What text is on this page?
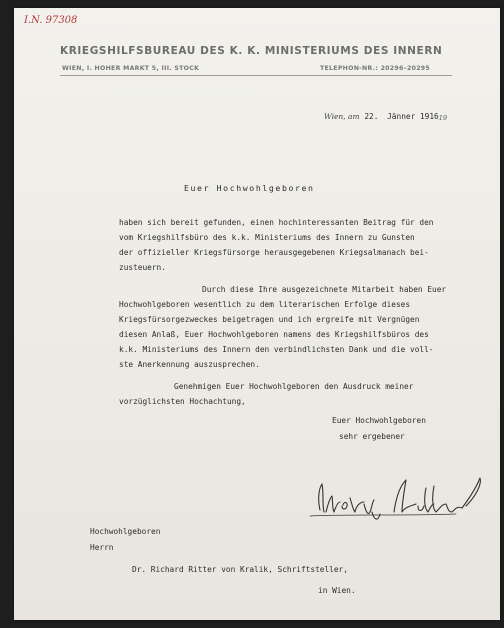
I.N. 97308
KRIEGSHILFSBUREAU DES K. K. MINISTERIUMS DES INNERN
WIEN, I. HOHER MARKT 5, III. STOCK	TELEPHON-NR.: 20296–20295
Wien, am 22. Jänner 191619
Euer Hochwohlgeboren
haben sich bereit gefunden, einen hochinteressanten Beitrag für den
vom Kriegshilfsbüro des k.k. Ministeriums des Innern zu Gunsten
der offizieller Kriegsfürsorge herausgegebenen Kriegsalmanach bei-
zusteuern.
Durch diese Ihre ausgezeichnete Mitarbeit haben Euer
Hochwohlgeboren wesentlich zu dem literarischen Erfolge dieses
Kriegsfürsorgezweckes beigetragen und ich ergreife mit Vergnügen
diesen Anlaß, Euer Hochwohlgeboren namens des Kriegshilfsbüros des
k.k. Ministeriums des Innern den verbindlichsten Dank und die voll-
ste Anerkennung auszusprechen.
Genehmigen Euer Hochwohlgeboren den Ausdruck meiner
vorzüglichsten Hochachtung,
Euer Hochwohlgeboren
sehr ergebener
Hochwohlgeboren
Herrn
Dr. Richard Ritter von Kralik, Schriftsteller,
in Wien.
